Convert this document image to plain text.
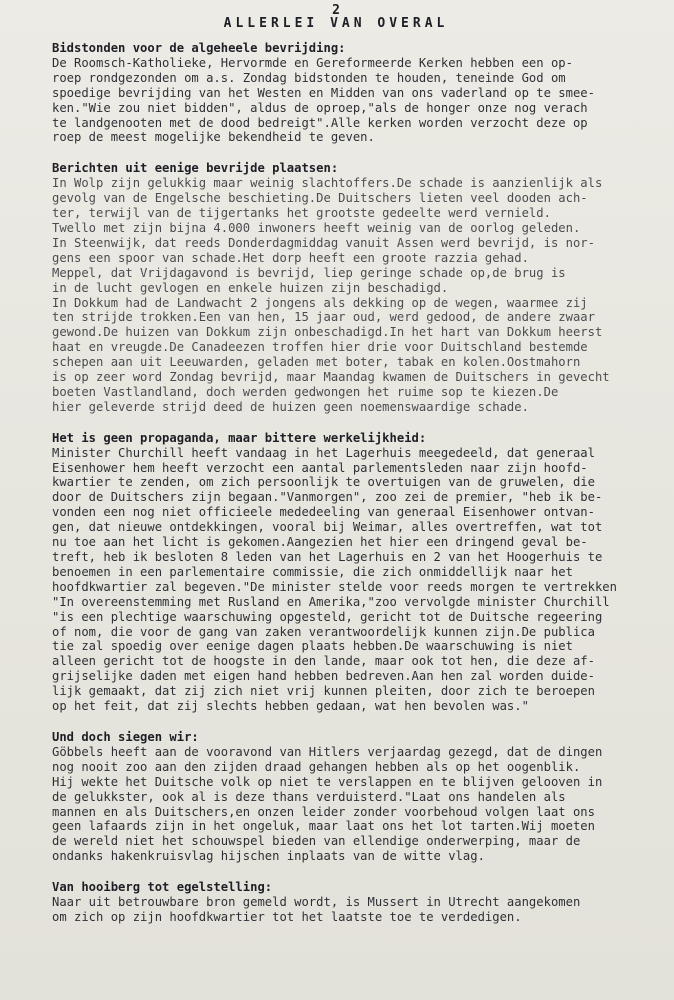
2
ALLERLEI VAN OVERAL
Bidstonden voor de algeheele bevrijding:
De Roomsch-Katholieke, Hervormde en Gereformeerde Kerken hebben een op-
roep rondgezonden om a.s. Zondag bidstonden te houden, teneinde God om
spoedige bevrijding van het Westen en Midden van ons vaderland op te smee-
ken."Wie zou niet bidden", aldus de oproep,"als de honger onze nog verach
te landgenooten met de dood bedreigt".Alle kerken worden verzocht deze op
roep de meest mogelijke bekendheid te geven.
Berichten uit eenige bevrijde plaatsen:
In Wolp zijn gelukkig maar weinig slachtoffers.De schade is aanzienlijk als
gevolg van de Engelsche beschieting.De Duitschers lieten veel dooden ach-
ter, terwijl van de tijgertanks het grootste gedeelte werd vernield.
Twello met zijn bijna 4.000 inwoners heeft weinig van de oorlog geleden.
In Steenwijk, dat reeds Donderdagmiddag vanuit Assen werd bevrijd, is nor-
gens een spoor van schade.Het dorp heeft een groote razzia gehad.
Meppel, dat Vrijdagavond is bevrijd, liep geringe schade op,de brug is
in de lucht gevlogen en enkele huizen zijn beschadigd.
In Dokkum had de Landwacht 2 jongens als dekking op de wegen, waarmee zij
ten strijde trokken.Een van hen, 15 jaar oud, werd gedood, de andere zwaar
gewond.De huizen van Dokkum zijn onbeschadigd.In het hart van Dokkum heerst
haat en vreugde.De Canadeezen troffen hier drie voor Duitschland bestemde
schepen aan uit Leeuwarden, geladen met boter, tabak en kolen.Oostmahorn
is op zeer word Zondag bevrijd, maar Maandag kwamen de Duitschers in gevecht
boeten Vastlandland, doch werden gedwongen het ruime sop te kiezen.De
hier geleverde strijd deed de huizen geen noemenswaardige schade.
Het is geen propaganda, maar bittere werkelijkheid:
Minister Churchill heeft vandaag in het Lagerhuis meegedeeld, dat generaal
Eisenhower hem heeft verzocht een aantal parlementsleden naar zijn hoofd-
kwartier te zenden, om zich persoonlijk te overtuigen van de gruwelen, die
door de Duitschers zijn begaan."Vanmorgen", zoo zei de premier, "heb ik be-
vonden een nog niet officieele mededeeling van generaal Eisenhower ontvan-
gen, dat nieuwe ontdekkingen, vooral bij Weimar, alles overtreffen, wat tot
nu toe aan het licht is gekomen.Aangezien het hier een dringend geval be-
treft, heb ik besloten 8 leden van het Lagerhuis en 2 van het Hoogerhuis te
benoemen in een parlementaire commissie, die zich onmiddellijk naar het
hoofdkwartier zal begeven."De minister stelde voor reeds morgen te vertrekken
"In overeenstemming met Rusland en Amerika,"zoo vervolgde minister Churchill
"is een plechtige waarschuwing opgesteld, gericht tot de Duitsche regeering
of nom, die voor de gang van zaken verantwoordelijk kunnen zijn.De publica
tie zal spoedig over eenige dagen plaats hebben.De waarschuwing is niet
alleen gericht tot de hoogste in den lande, maar ook tot hen, die deze af-
grijselijke daden met eigen hand hebben bedreven.Aan hen zal worden duide-
lijk gemaakt, dat zij zich niet vrij kunnen pleiten, door zich te beroepen
op het feit, dat zij slechts hebben gedaan, wat hen bevolen was."
Und doch siegen wir:
Göbbels heeft aan de vooravond van Hitlers verjaardag gezegd, dat de dingen
nog nooit zoo aan den zijden draad gehangen hebben als op het oogenblik.
Hij wekte het Duitsche volk op niet te verslappen en te blijven gelooven in
de gelukkster, ook al is deze thans verduisterd."Laat ons handelen als
mannen en als Duitschers,en onzen leider zonder voorbehoud volgen laat ons
geen lafaards zijn in het ongeluk, maar laat ons het lot tarten.Wij moeten
de wereld niet het schouwspel bieden van ellendige onderwerping, maar de
ondanks hakenkruisvlag hijschen inplaats van de witte vlag.
Van hooiberg tot egelstelling:
Naar uit betrouwbare bron gemeld wordt, is Mussert in Utrecht aangekomen
om zich op zijn hoofdkwartier tot het laatste toe te verdedigen.
